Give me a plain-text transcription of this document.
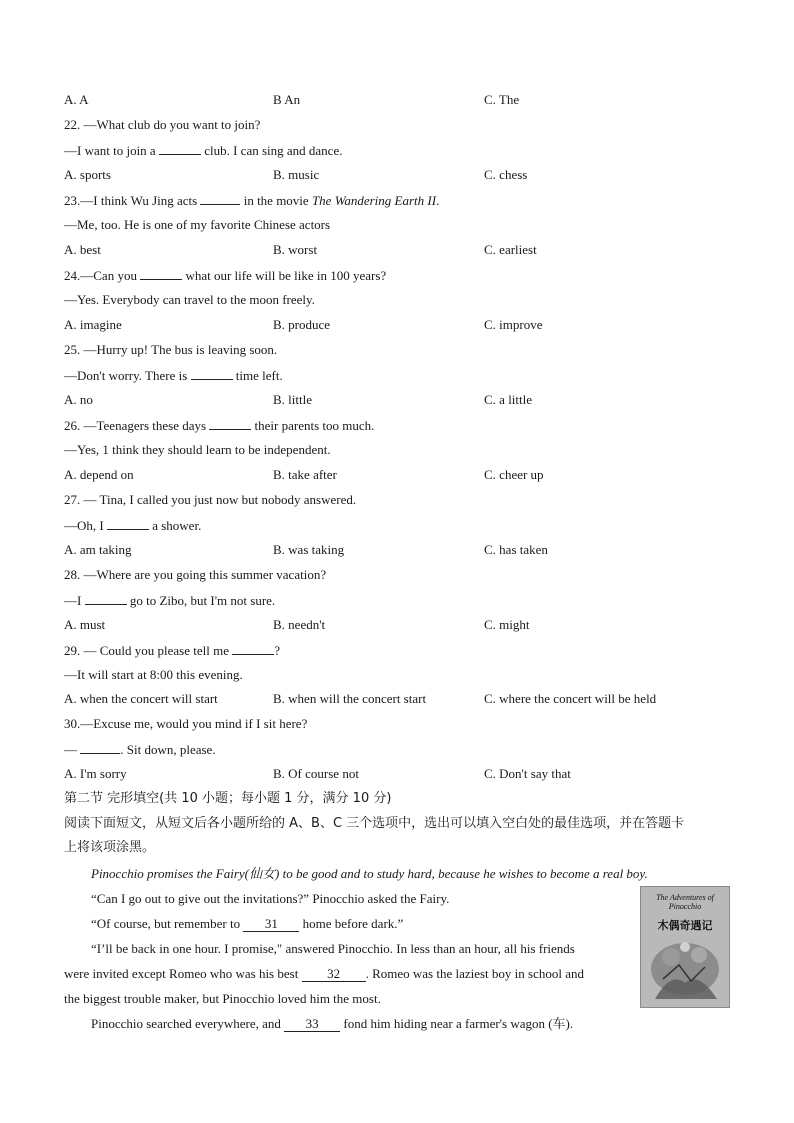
A. A	B An	C. The
22. —What club do you want to join?
—I want to join a	club. I can sing and dance.
A. sports	B. music	C. chess
23.—I think Wu Jing acts	in the movie The Wandering Earth II.
—Me, too. He is one of my favorite Chinese actors
A. best	B. worst	C. earliest
24.—Can you	what our life will be like in 100 years?
—Yes. Everybody can travel to the moon freely.
A. imagine	B. produce	C. improve
25. —Hurry up! The bus is leaving soon.
—Don't worry. There is	time left.
A. no	B. little	C. a little
26. —Teenagers these days	their parents too much.
—Yes, 1 think they should learn to be independent.
A. depend on	B. take after	C. cheer up
27. — Tina, I called you just now but nobody answered.
—Oh, I	a shower.
A. am taking	B. was taking	C. has taken
28. —Where are you going this summer vacation?
—I	go to Zibo, but I'm not sure.
A. must	B. needn't	C. might
29. — Could you please tell me	?
—It will start at 8:00 this evening.
A. when the concert will start	B. when will the concert start	C. where the concert will be held
30.—Excuse me, would you mind if I sit here?
—	. Sit down, please.
A. I'm sorry	B. Of course not	C. Don't say that
第二节 完形填空(共 10 小题；每小题 1 分，满分 10 分)
阅读下面短文，从短文后各小题所给的 A、B、C 三个选项中，选出可以填入空白处的最佳选项，并在答题卡
上将该项涂黑。
Pinocchio promises the Fairy(仙女) to be good and to study hard, because he wishes to become a real boy.
“Can I go out to give out the invitations?” Pinocchio asked the Fairy.
“Of course, but remember to 31 home before dark.”
“I’ll be back in one hour. I promise," answered Pinocchio. In less than an hour, all his friends
were invited except Romeo who was his best 32 . Romeo was the laziest boy in school and
the biggest trouble maker, but Pinocchio loved him the most.
Pinocchio searched everywhere, and 33 fond him hiding near a farmer's wagon (车).
The Adventures of Pinocchio
木偶奇遇记
